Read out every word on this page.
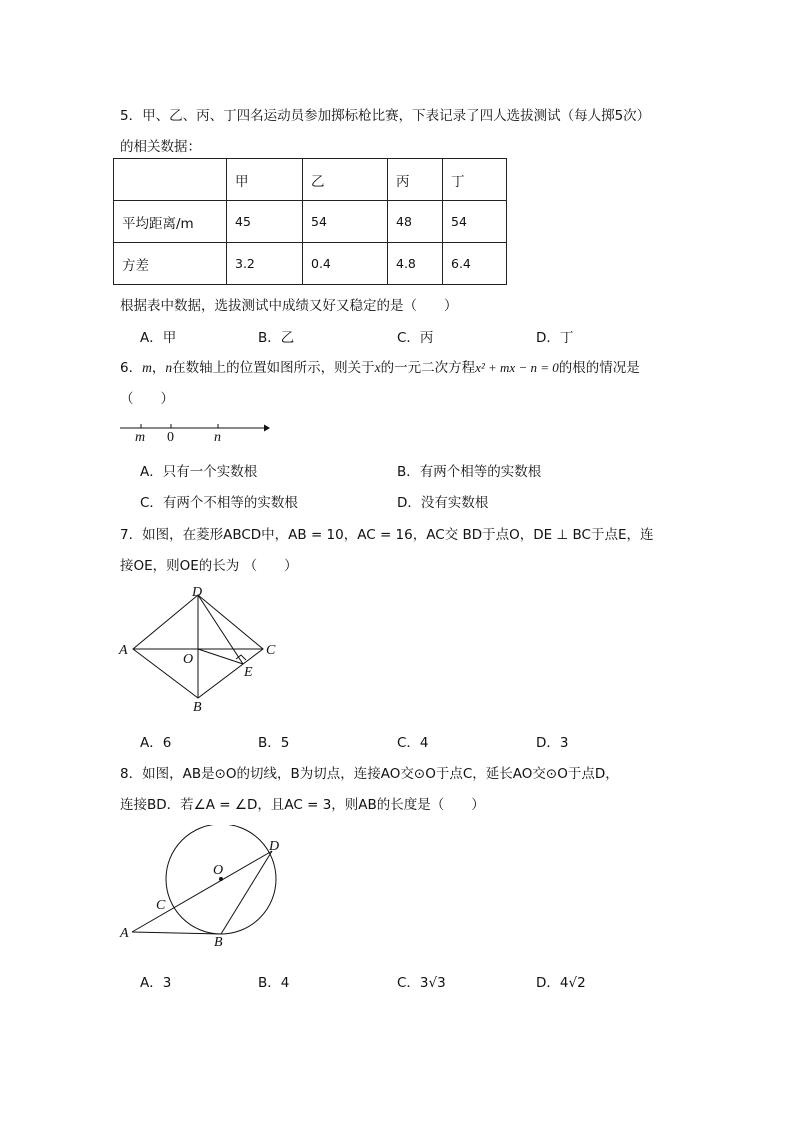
5．甲、乙、丙、丁四名运动员参加掷标枪比赛，下表记录了四人选拔测试（每人掷5次）
的相关数据：
	甲	乙	丙	丁
平均距离/m	45	54	48	54
方差	3.2	0.4	4.8	6.4
根据表中数据，选拔测试中成绩又好又稳定的是（　　）
A．甲	B．乙	C．丙	D．丁
6．m，n在数轴上的位置如图所示，则关于x的一元二次方程x² + mx − n = 0的根的情况是
（　　）
m 0	n
A．只有一个实数根	B．有两个相等的实数根
C．有两个不相等的实数根	D．没有实数根
7．如图，在菱形ABCD中，AB = 10，AC = 16，AC交 BD于点O，DE ⊥ BC于点E，连
接OE，则OE的长为 （　　）
A
B
C
D
O
E
A．6	B．5	C．4	D．3
8．如图，AB是⊙O的切线，B为切点，连接AO交⊙O于点C，延长AO交⊙O于点D，
连接BD．若∠A = ∠D，且AC = 3，则AB的长度是（　　）
A
B
C
D
O
A．3	B．4	C．3√3	D．4√2
